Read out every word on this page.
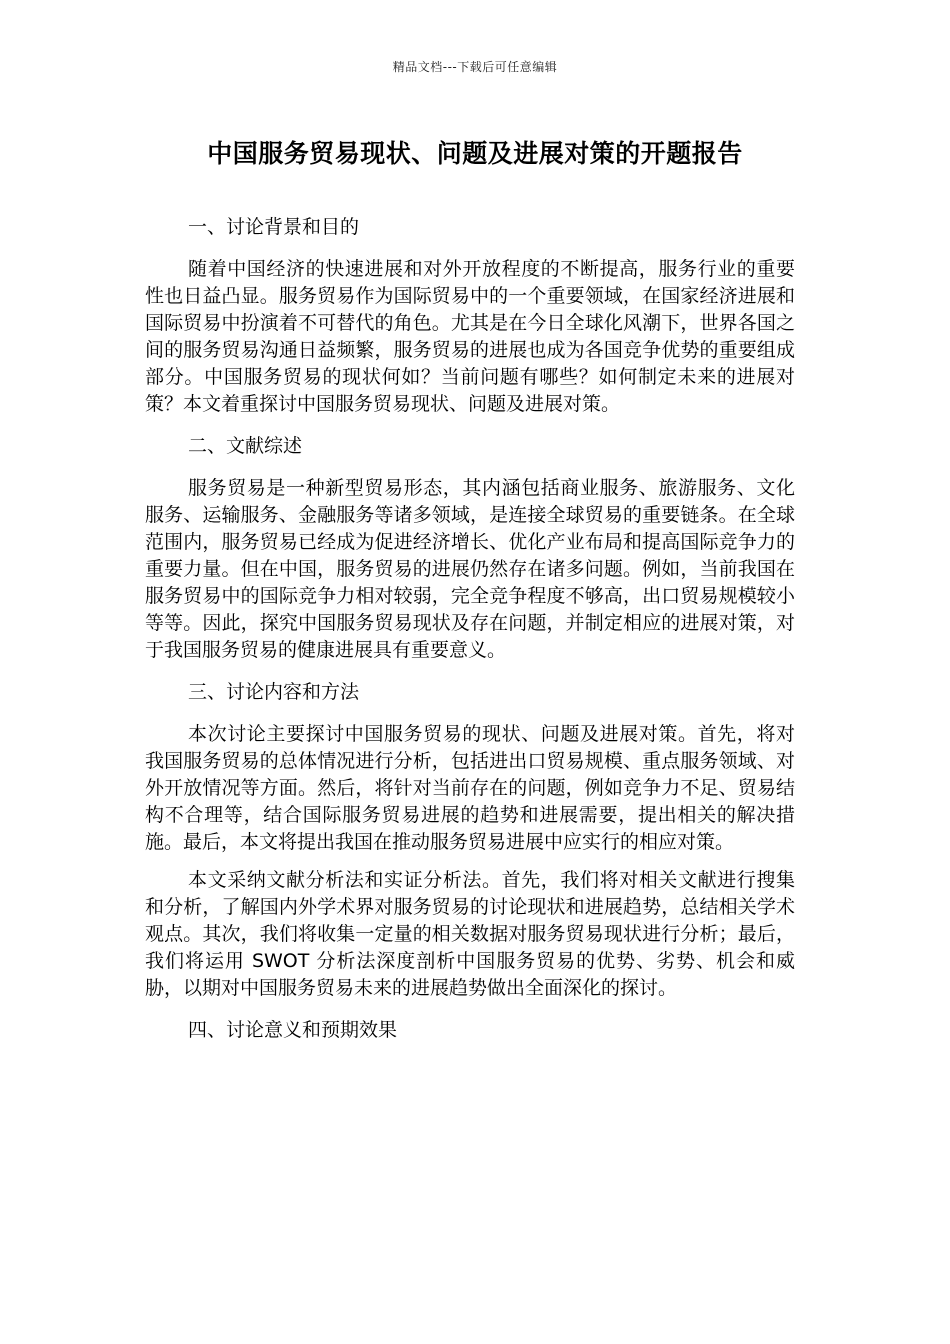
精品文档---下载后可任意编辑
中国服务贸易现状、问题及进展对策的开题报告
一、讨论背景和目的

随着中国经济的快速进展和对外开放程度的不断提高，服务行业的重要性也日益凸显。服务贸易作为国际贸易中的一个重要领域，在国家经济进展和国际贸易中扮演着不可替代的角色。尤其是在今日全球化风潮下，世界各国之间的服务贸易沟通日益频繁，服务贸易的进展也成为各国竞争优势的重要组成部分。中国服务贸易的现状何如？当前问题有哪些？如何制定未来的进展对策？本文着重探讨中国服务贸易现状、问题及进展对策。

二、文献综述

服务贸易是一种新型贸易形态，其内涵包括商业服务、旅游服务、文化服务、运输服务、金融服务等诸多领域，是连接全球贸易的重要链条。在全球范围内，服务贸易已经成为促进经济增长、优化产业布局和提高国际竞争力的重要力量。但在中国，服务贸易的进展仍然存在诸多问题。例如，当前我国在服务贸易中的国际竞争力相对较弱，完全竞争程度不够高，出口贸易规模较小等等。因此，探究中国服务贸易现状及存在问题，并制定相应的进展对策，对于我国服务贸易的健康进展具有重要意义。

三、讨论内容和方法

本次讨论主要探讨中国服务贸易的现状、问题及进展对策。首先，将对我国服务贸易的总体情况进行分析，包括进出口贸易规模、重点服务领域、对外开放情况等方面。然后，将针对当前存在的问题，例如竞争力不足、贸易结构不合理等，结合国际服务贸易进展的趋势和进展需要，提出相关的解决措施。最后，本文将提出我国在推动服务贸易进展中应实行的相应对策。

本文采纳文献分析法和实证分析法。首先，我们将对相关文献进行搜集和分析，了解国内外学术界对服务贸易的讨论现状和进展趋势，总结相关学术观点。其次，我们将收集一定量的相关数据对服务贸易现状进行分析；最后，我们将运用 SWOT 分析法深度剖析中国服务贸易的优势、劣势、机会和威胁，以期对中国服务贸易未来的进展趋势做出全面深化的探讨。

四、讨论意义和预期效果
